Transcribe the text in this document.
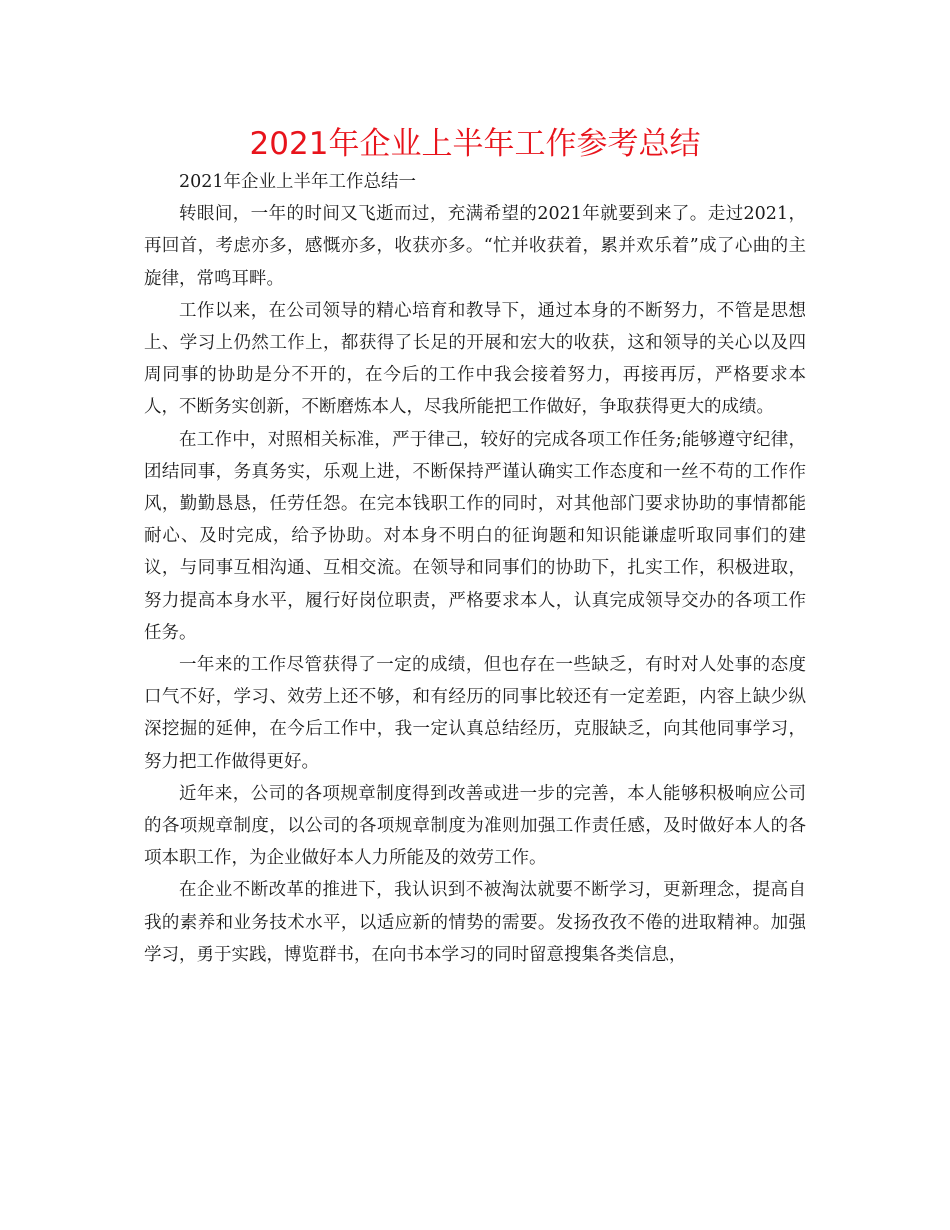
2021年企业上半年工作参考总结

2021年企业上半年工作总结一

转眼间，一年的时间又飞逝而过，充满希望的2021年就要到来了。走过2021，再回首，考虑亦多，感慨亦多，收获亦多。“忙并收获着，累并欢乐着”成了心曲的主旋律，常鸣耳畔。

工作以来，在公司领导的精心培育和教导下，通过本身的不断努力，不管是思想上、学习上仍然工作上，都获得了长足的开展和宏大的收获，这和领导的关心以及四周同事的协助是分不开的，在今后的工作中我会接着努力，再接再厉，严格要求本人，不断务实创新，不断磨炼本人，尽我所能把工作做好，争取获得更大的成绩。

在工作中，对照相关标准，严于律己，较好的完成各项工作任务;能够遵守纪律，团结同事，务真务实，乐观上进，不断保持严谨认确实工作态度和一丝不苟的工作作风，勤勤恳恳，任劳任怨。在完本钱职工作的同时，对其他部门要求协助的事情都能耐心、及时完成，给予协助。对本身不明白的征询题和知识能谦虚听取同事们的建议，与同事互相沟通、互相交流。在领导和同事们的协助下，扎实工作，积极进取，努力提高本身水平，履行好岗位职责，严格要求本人，认真完成领导交办的各项工作任务。

一年来的工作尽管获得了一定的成绩，但也存在一些缺乏，有时对人处事的态度口气不好，学习、效劳上还不够，和有经历的同事比较还有一定差距，内容上缺少纵深挖掘的延伸，在今后工作中，我一定认真总结经历，克服缺乏，向其他同事学习，努力把工作做得更好。

近年来，公司的各项规章制度得到改善或进一步的完善，本人能够积极响应公司的各项规章制度，以公司的各项规章制度为准则加强工作责任感，及时做好本人的各项本职工作，为企业做好本人力所能及的效劳工作。

在企业不断改革的推进下，我认识到不被淘汰就要不断学习，更新理念，提高自我的素养和业务技术水平，以适应新的情势的需要。发扬孜孜不倦的进取精神。加强学习，勇于实践，博览群书，在向书本学习的同时留意搜集各类信息，
